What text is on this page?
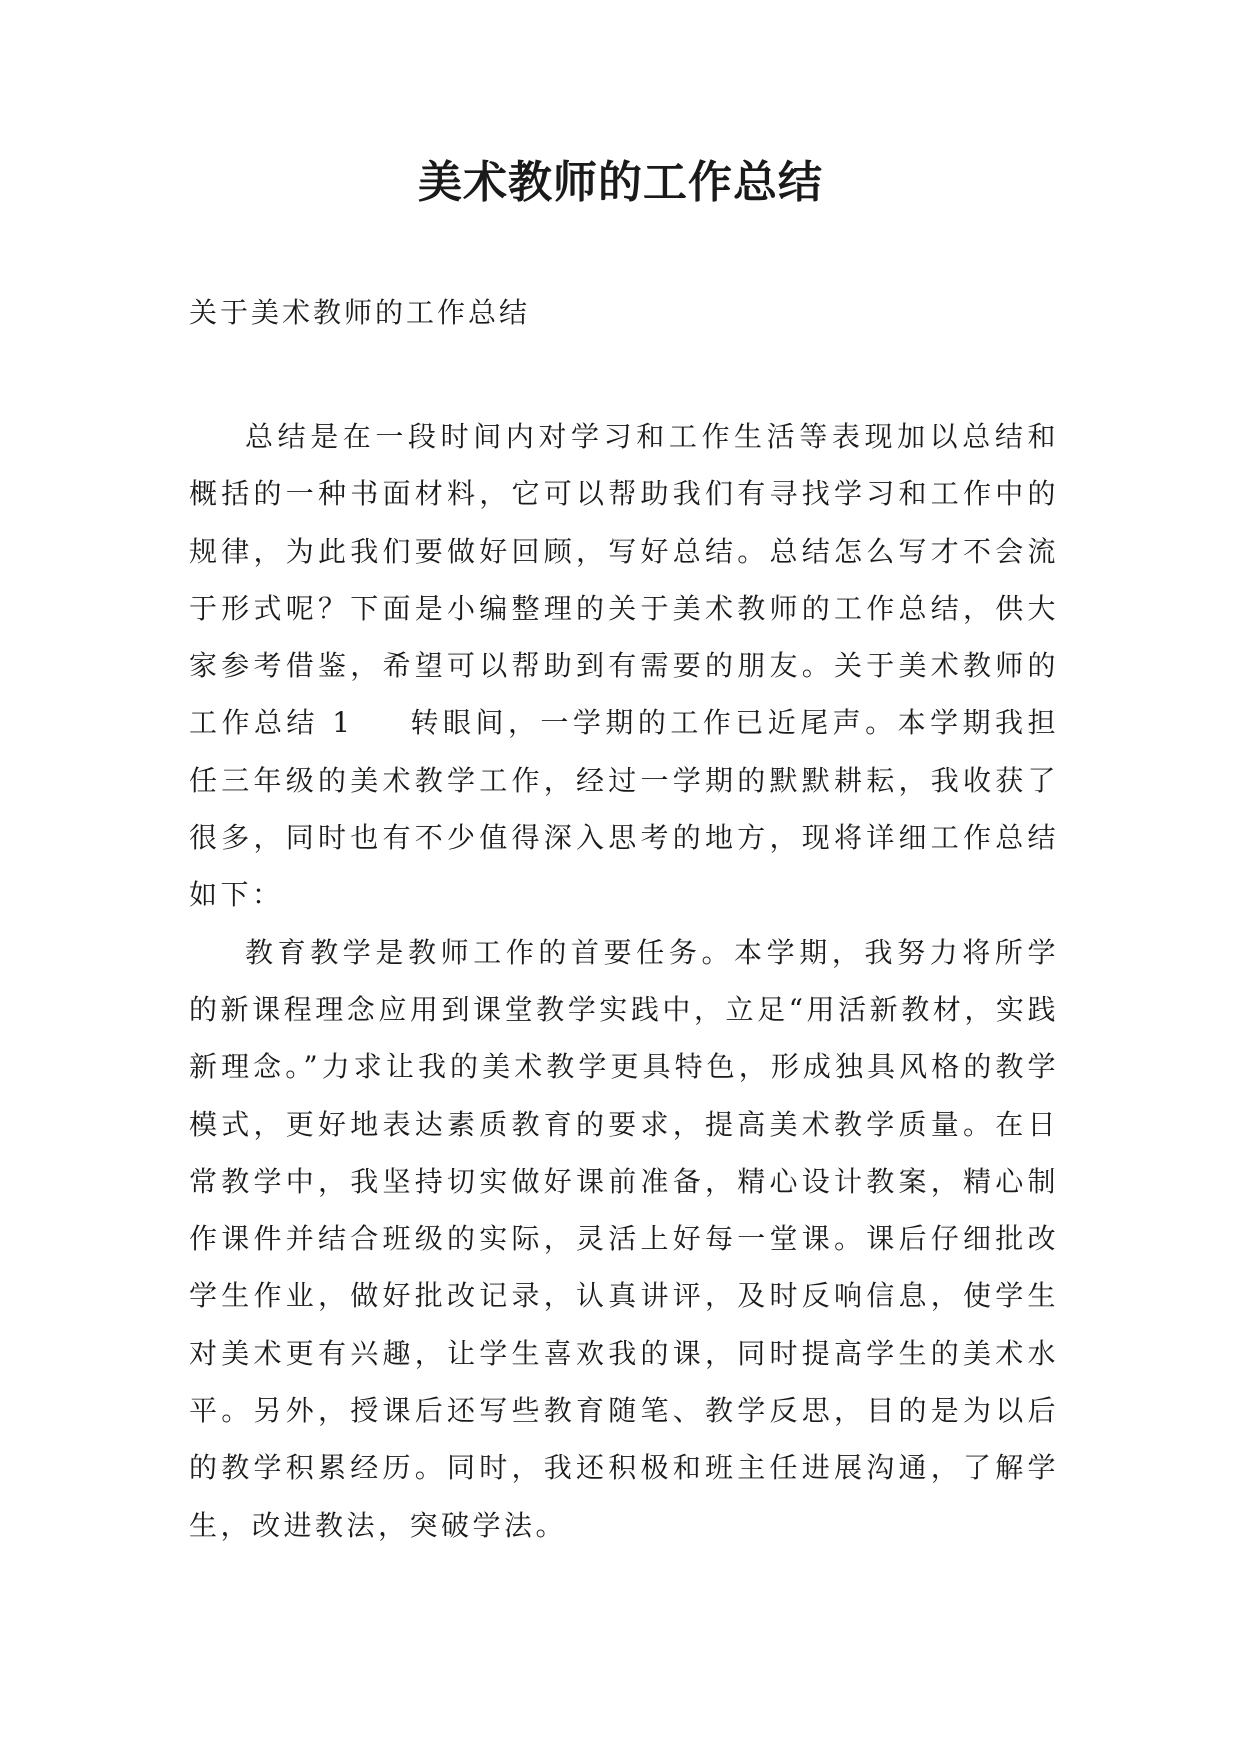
美术教师的工作总结

关于美术教师的工作总结

总结是在一段时间内对学习和工作生活等表现加以总结和概括的一种书面材料，它可以帮助我们有寻找学习和工作中的规律，为此我们要做好回顾，写好总结。总结怎么写才不会流于形式呢？下面是小编整理的关于美术教师的工作总结，供大家参考借鉴，希望可以帮助到有需要的朋友。关于美术教师的工作总结 1 转眼间，一学期的工作已近尾声。本学期我担任三年级的美术教学工作，经过一学期的默默耕耘，我收获了很多，同时也有不少值得深入思考的地方，现将详细工作总结如下：

教育教学是教师工作的首要任务。本学期，我努力将所学的新课程理念应用到课堂教学实践中，立足“用活新教材，实践新理念。”力求让我的美术教学更具特色，形成独具风格的教学模式，更好地表达素质教育的要求，提高美术教学质量。在日常教学中，我坚持切实做好课前准备，精心设计教案，精心制作课件并结合班级的实际，灵活上好每一堂课。课后仔细批改学生作业，做好批改记录，认真讲评，及时反响信息，使学生对美术更有兴趣，让学生喜欢我的课，同时提高学生的美术水平。另外，授课后还写些教育随笔、教学反思，目的是为以后的教学积累经历。同时，我还积极和班主任进展沟通，了解学生，改进教法，突破学法。
